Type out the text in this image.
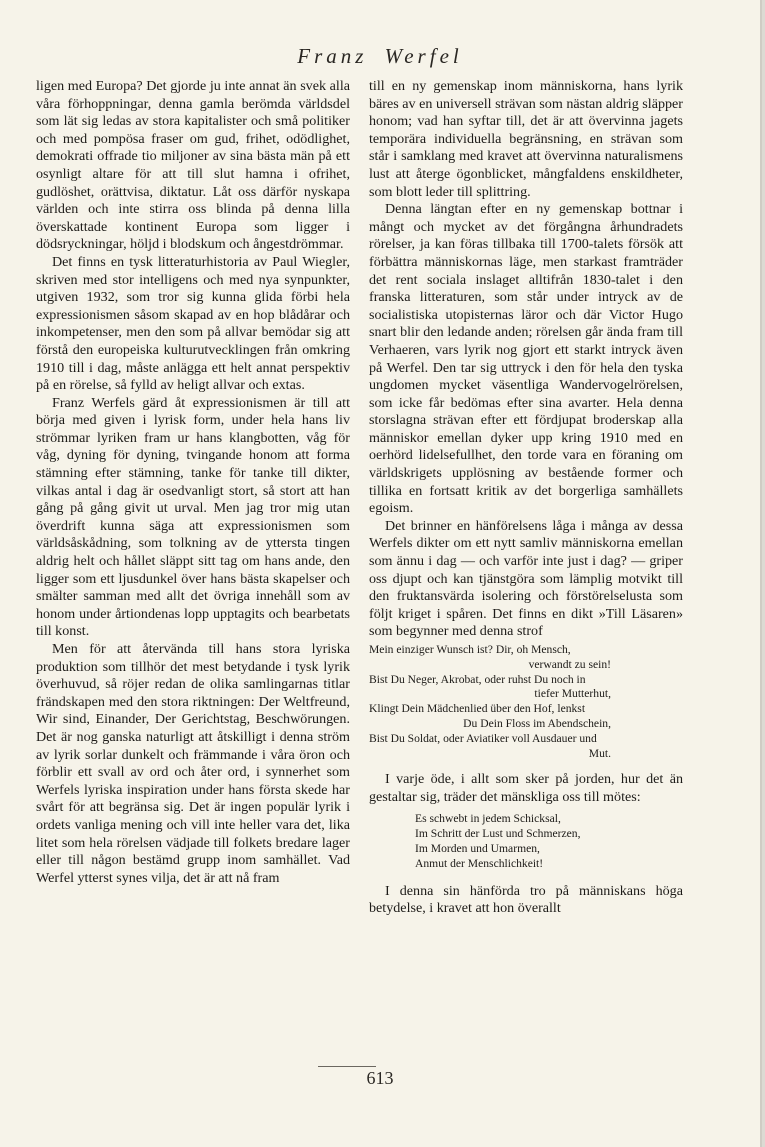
Franz Werfel

ligen med Europa? Det gjorde ju inte annat än svek alla våra förhoppningar, denna gamla berömda världsdel som lät sig ledas av stora kapitalister och små politiker och med pompösa fraser om gud, frihet, odödlighet, demokrati offrade tio miljoner av sina bästa män på ett osynligt altare för att till slut hamna i ofrihet, gudlöshet, orättvisa, diktatur. Låt oss därför nyskapa världen och inte stirra oss blinda på denna lilla överskattade kontinent Europa som ligger i dödsryckningar, höljd i blodskum och ångestdrömmar.

Det finns en tysk litteraturhistoria av Paul Wiegler, skriven med stor intelligens och med nya synpunkter, utgiven 1932, som tror sig kunna glida förbi hela expressionismen såsom skapad av en hop blådårar och inkompetenser, men den som på allvar bemödar sig att förstå den europeiska kulturutvecklingen från omkring 1910 till i dag, måste anlägga ett helt annat perspektiv på en rörelse, så fylld av heligt allvar och extas.

Franz Werfels gärd åt expressionismen är till att börja med given i lyrisk form, under hela hans liv strömmar lyriken fram ur hans klangbotten, våg för våg, dyning för dyning, tvingande honom att forma stämning efter stämning, tanke för tanke till dikter, vilkas antal i dag är osedvanligt stort, så stort att han gång på gång givit ut urval. Men jag tror mig utan överdrift kunna säga att expressionismen som världsåskådning, som tolkning av de yttersta tingen aldrig helt och hållet släppt sitt tag om hans ande, den ligger som ett ljusdunkel över hans bästa skapelser och smälter samman med allt det övriga innehåll som av honom under årtiondenas lopp upptagits och bearbetats till konst.

Men för att återvända till hans stora lyriska produktion som tillhör det mest betydande i tysk lyrik överhuvud, så röjer redan de olika samlingarnas titlar frändskapen med den stora riktningen: Der Weltfreund, Wir sind, Einander, Der Gerichtstag, Beschwörungen. Det är nog ganska naturligt att åtskilligt i denna ström av lyrik sorlar dunkelt och främmande i våra öron och förblir ett svall av ord och åter ord, i synnerhet som Werfels lyriska inspiration under hans första skede har svårt för att begränsa sig. Det är ingen populär lyrik i ordets vanliga mening och vill inte heller vara det, lika litet som hela rörelsen vädjade till folkets bredare lager eller till någon bestämd grupp inom samhället. Vad Werfel ytterst synes vilja, det är att nå fram

till en ny gemenskap inom människorna, hans lyrik bäres av en universell strävan som nästan aldrig släpper honom; vad han syftar till, det är att övervinna jagets temporära individuella begränsning, en strävan som står i samklang med kravet att övervinna naturalismens lust att återge ögonblicket, mångfaldens enskildheter, som blott leder till splittring.

Denna längtan efter en ny gemenskap bottnar i mångt och mycket av det förgångna århundradets rörelser, ja kan föras tillbaka till 1700-talets försök att förbättra människornas läge, men starkast framträder det rent sociala inslaget alltifrån 1830-talet i den franska litteraturen, som står under intryck av de socialistiska utopisternas läror och där Victor Hugo snart blir den ledande anden; rörelsen går ända fram till Verhaeren, vars lyrik nog gjort ett starkt intryck även på Werfel. Den tar sig uttryck i den för hela den tyska ungdomen mycket väsentliga Wandervogelrörelsen, som icke får bedömas efter sina avarter. Hela denna storslagna strävan efter ett fördjupat broderskap alla människor emellan dyker upp kring 1910 med en oerhörd lidelsefullhet, den torde vara en föraning om världskrigets upplösning av bestående former och tillika en fortsatt kritik av det borgerliga samhällets egoism.

Det brinner en hänförelsens låga i många av dessa Werfels dikter om ett nytt samliv människorna emellan som ännu i dag — och varför inte just i dag? — griper oss djupt och kan tjänstgöra som lämplig motvikt till den fruktansvärda isolering och förstörelselusta som följt kriget i spåren. Det finns en dikt »Till Läsaren» som begynner med denna strof

Mein einziger Wunsch ist? Dir, oh Mensch,
verwandt zu sein!
Bist Du Neger, Akrobat, oder ruhst Du noch in
tiefer Mutterhut,
Klingt Dein Mädchenlied über den Hof, lenkst
Du Dein Floss im Abendschein,
Bist Du Soldat, oder Aviatiker voll Ausdauer und
Mut.

I varje öde, i allt som sker på jorden, hur det än gestaltar sig, träder det mänskliga oss till mötes:

Es schwebt in jedem Schicksal,
Im Schritt der Lust und Schmerzen,
Im Morden und Umarmen,
Anmut der Menschlichkeit!

I denna sin hänförda tro på människans höga betydelse, i kravet att hon överallt

613
